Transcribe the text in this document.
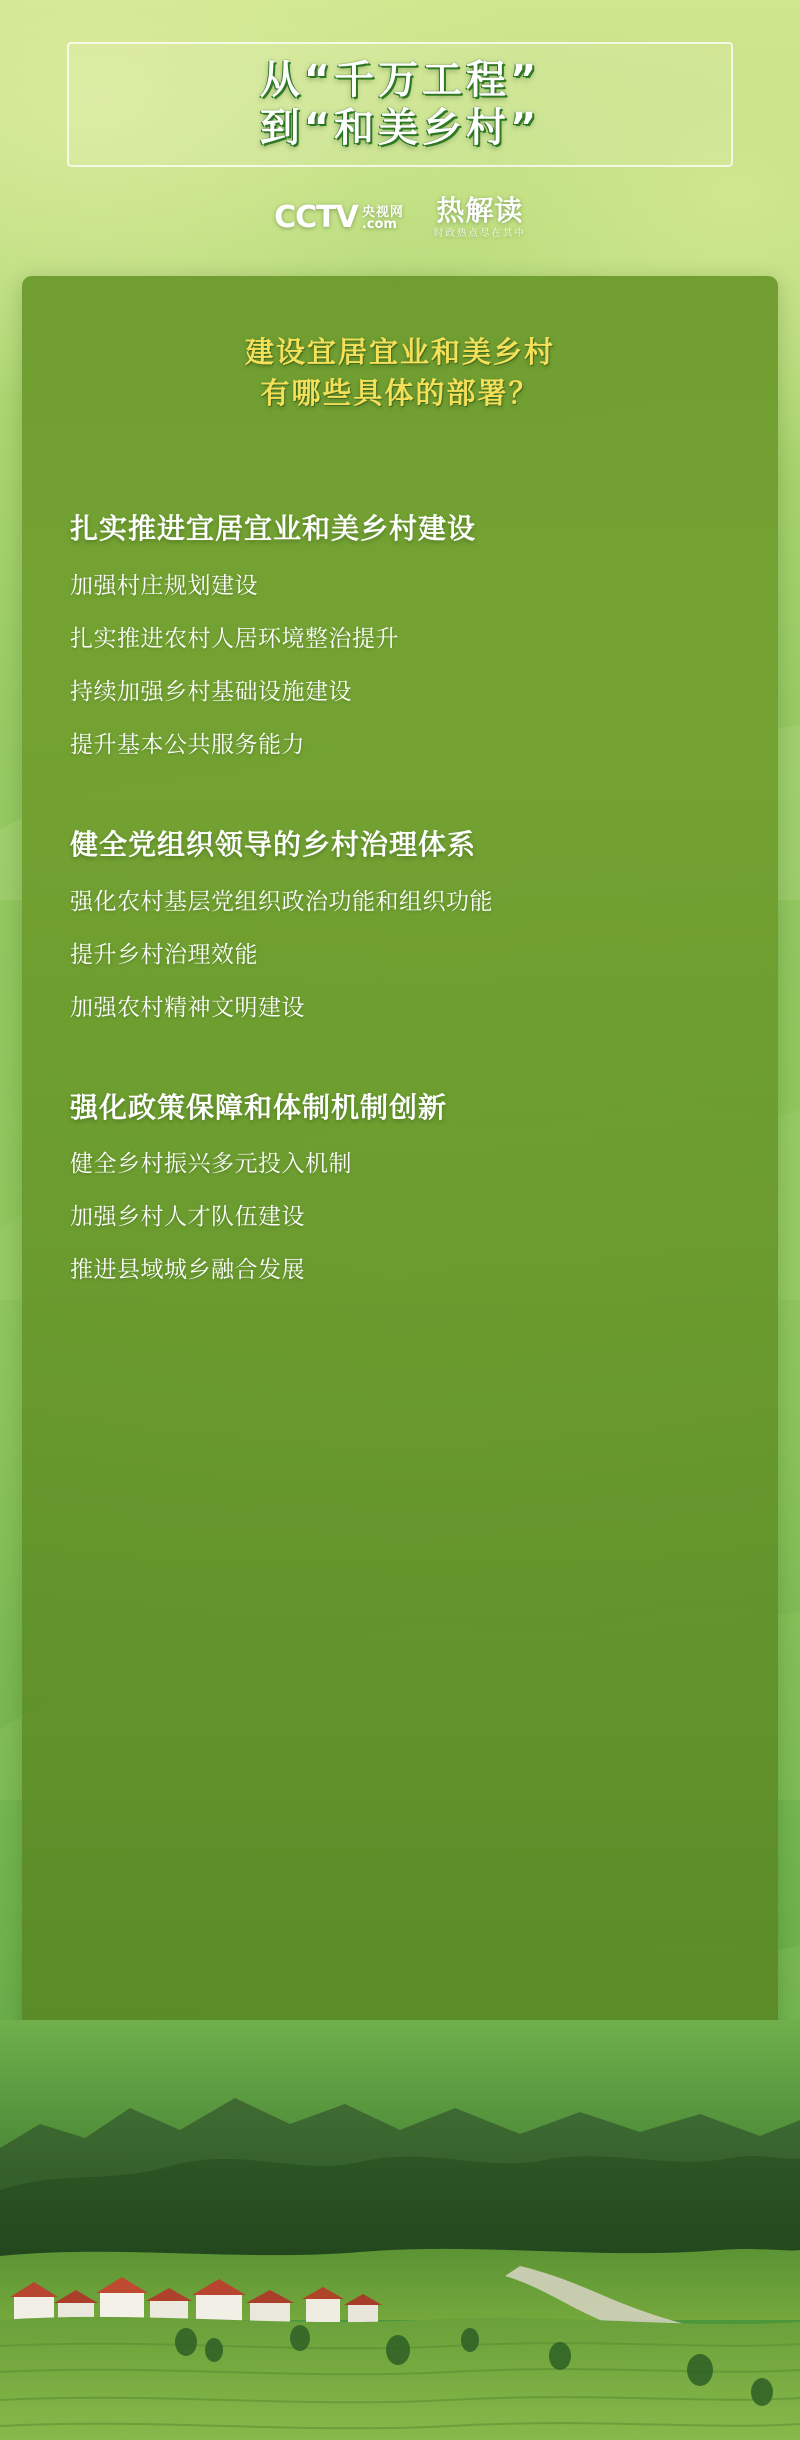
从“千万工程”
到“和美乡村”
CCTV 央视网
.com 热解读
时政热点尽在其中
建设宜居宜业和美乡村
有哪些具体的部署？
扎实推进宜居宜业和美乡村建设

加强村庄规划建设

扎实推进农村人居环境整治提升

持续加强乡村基础设施建设

提升基本公共服务能力

健全党组织领导的乡村治理体系

强化农村基层党组织政治功能和组织功能

提升乡村治理效能

加强农村精神文明建设

强化政策保障和体制机制创新

健全乡村振兴多元投入机制

加强乡村人才队伍建设

推进县域城乡融合发展
